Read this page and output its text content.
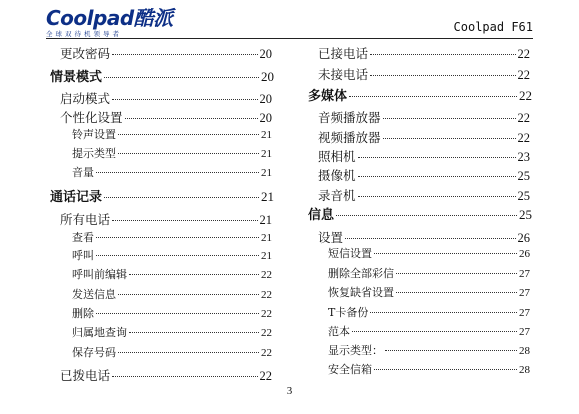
Coolpad酷派
全球双待机领导者	Coolpad F61
更改密码	20
情景模式	20
启动模式	20
个性化设置	20
铃声设置	21
提示类型	21
音量	21
通话记录	21
所有电话	21
查看	21
呼叫	21
呼叫前编辑	22
发送信息	22
删除	22
归属地查询	22
保存号码	22
已拨电话	22
已接电话	22
未接电话	22
多媒体	22
音频播放器	22
视频播放器	22
照相机	23
摄像机	25
录音机	25
信息	25
设置	26
短信设置	26
删除全部彩信	27
恢复缺省设置	27
T卡备份	27
范本	27
显示类型：	28
安全信箱	28
3
